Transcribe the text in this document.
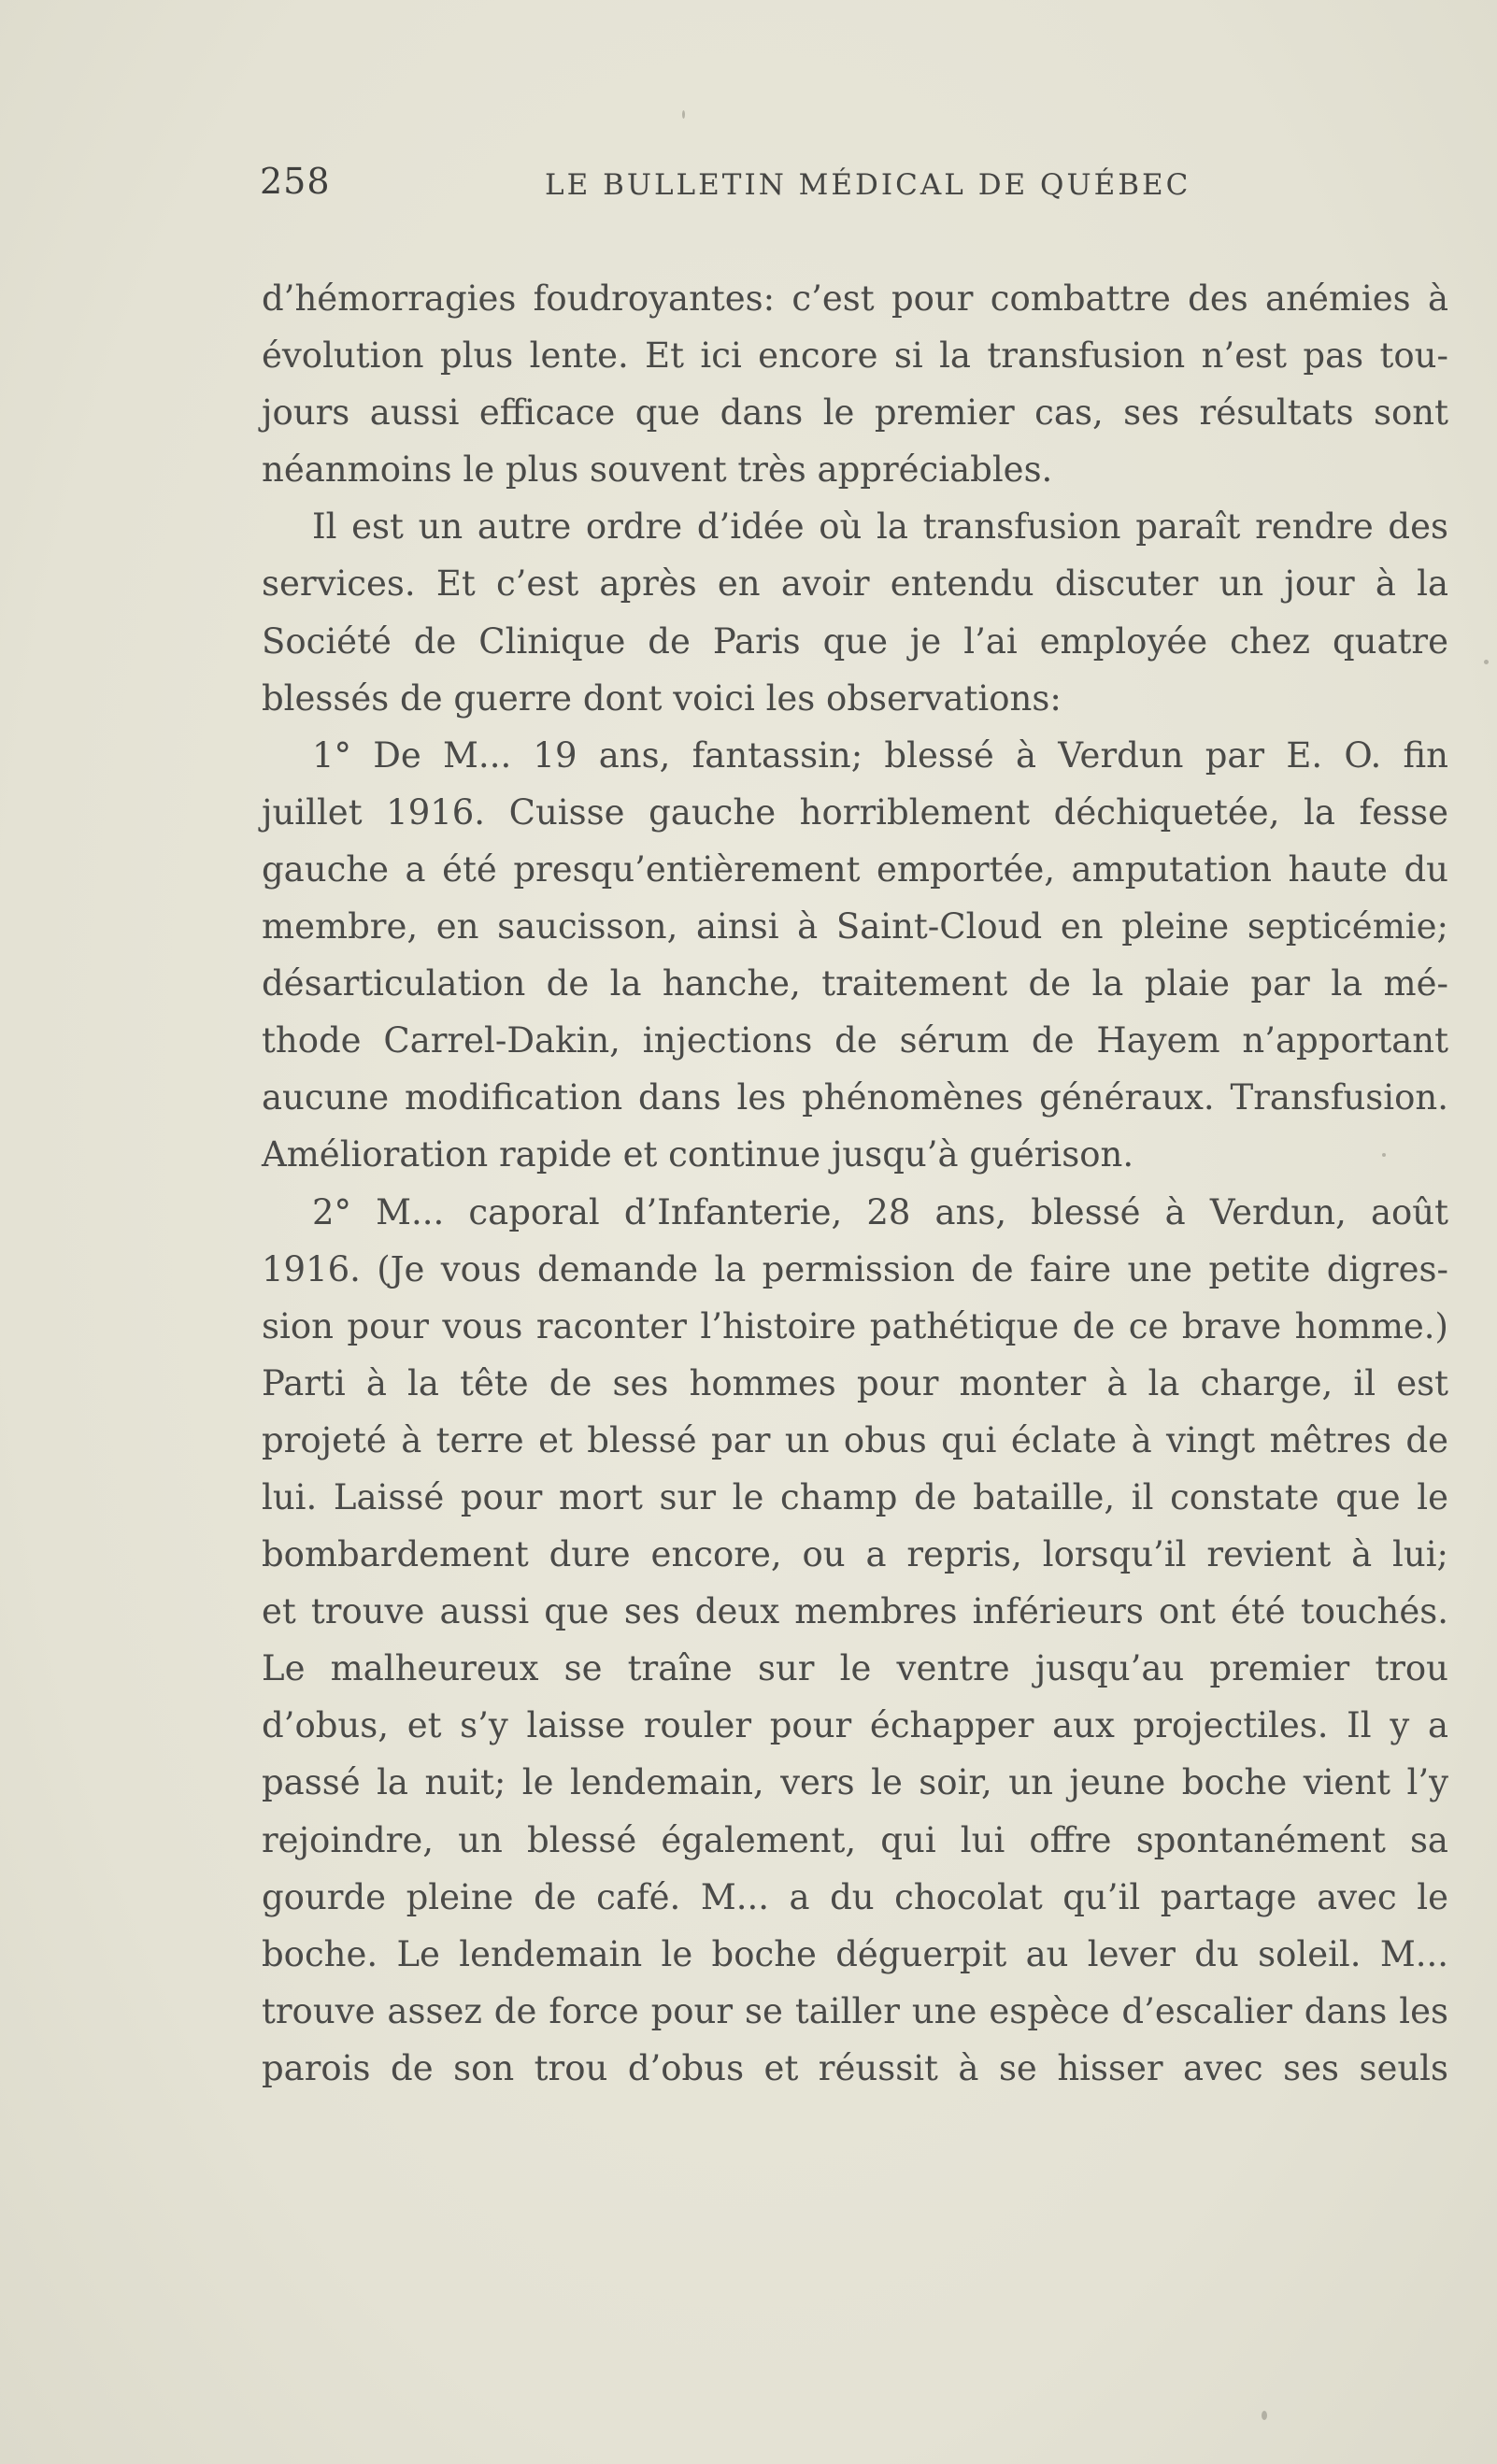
258	LE BULLETIN MÉDICAL DE QUÉBEC
d’hémorragies foudroyantes: c’est pour combattre des anémies à
évolution plus lente. Et ici encore si la transfusion n’est pas tou-
jours aussi efficace que dans le premier cas, ses résultats sont
néanmoins le plus souvent très appréciables.
Il est un autre ordre d’idée où la transfusion paraît rendre des
services. Et c’est après en avoir entendu discuter un jour à la
Société de Clinique de Paris que je l’ai employée chez quatre
blessés de guerre dont voici les observations:
1° De M... 19 ans, fantassin; blessé à Verdun par E. O. fin
juillet 1916. Cuisse gauche horriblement déchiquetée, la fesse
gauche a été presqu’entièrement emportée, amputation haute du
membre, en saucisson, ainsi à Saint-Cloud en pleine septicémie;
désarticulation de la hanche, traitement de la plaie par la mé-
thode Carrel-Dakin, injections de sérum de Hayem n’apportant
aucune modification dans les phénomènes généraux. Transfusion.
Amélioration rapide et continue jusqu’à guérison.
2° M... caporal d’Infanterie, 28 ans, blessé à Verdun, août
1916. (Je vous demande la permission de faire une petite digres-
sion pour vous raconter l’histoire pathétique de ce brave homme.)
Parti à la tête de ses hommes pour monter à la charge, il est
projeté à terre et blessé par un obus qui éclate à vingt mêtres de
lui. Laissé pour mort sur le champ de bataille, il constate que le
bombardement dure encore, ou a repris, lorsqu’il revient à lui;
et trouve aussi que ses deux membres inférieurs ont été touchés.
Le malheureux se traîne sur le ventre jusqu’au premier trou
d’obus, et s’y laisse rouler pour échapper aux projectiles. Il y a
passé la nuit; le lendemain, vers le soir, un jeune boche vient l’y
rejoindre, un blessé également, qui lui offre spontanément sa
gourde pleine de café. M... a du chocolat qu’il partage avec le
boche. Le lendemain le boche déguerpit au lever du soleil. M...
trouve assez de force pour se tailler une espèce d’escalier dans les
parois de son trou d’obus et réussit à se hisser avec ses seuls
